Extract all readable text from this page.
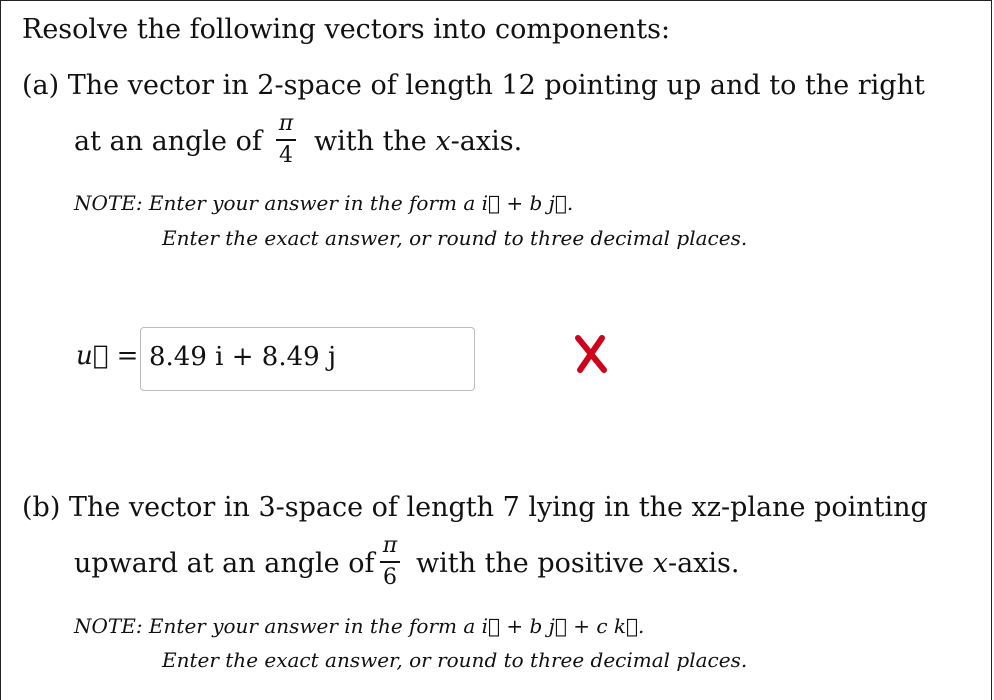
Resolve the following vectors into components:
(a) The vector in 2-space of length 12 pointing up and to the right
at an angle of
π
4 with the x-axis.
NOTE: Enter your answer in the form a i⃗ + b j⃗.
Enter the exact answer, or round to three decimal places.
u⃗ = 8.49 i + 8.49 j
(b) The vector in 3-space of length 7 lying in the xz-plane pointing
upward at an angle of
π
6 with the positive x-axis.
NOTE: Enter your answer in the form a i⃗ + b j⃗ + c k⃗.
Enter the exact answer, or round to three decimal places.
